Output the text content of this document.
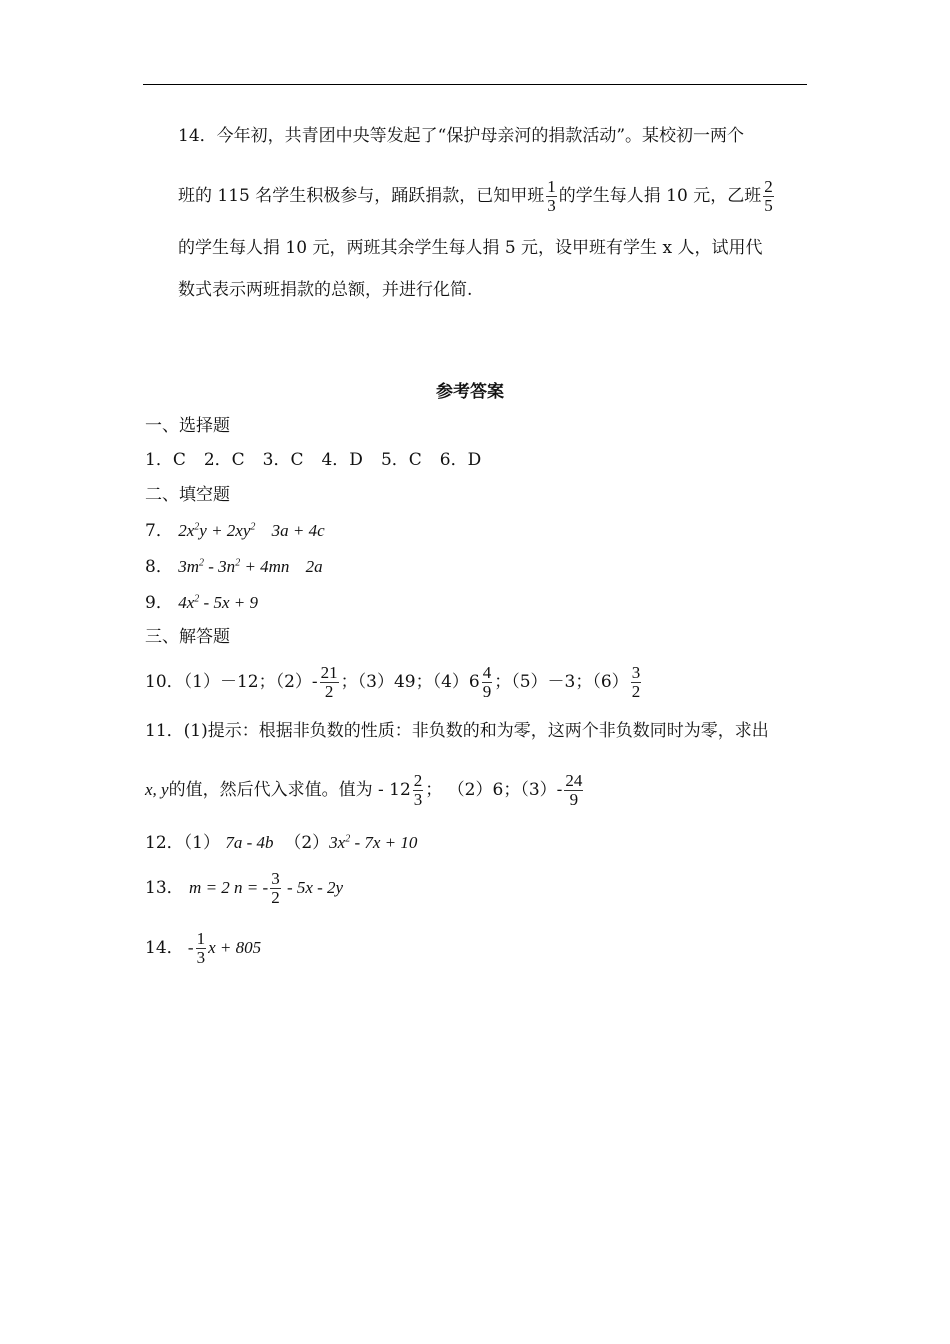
14．今年初，共青团中央等发起了“保护母亲河的捐款活动”。某校初一两个
班的 115 名学生积极参与，踊跃捐款，已知甲班 $\frac{1}{3}$ 的学生每人捐 10 元，乙班 $\frac{2}{5}$
的学生每人捐 10 元，两班其余学生每人捐 5 元，设甲班有学生 x 人，试用代
数式表示两班捐款的总额，并进行化简.
参考答案
一、选择题
1．C 2．C 3．C 4．D 5．C 6．D
二、填空题
7． $2x^2y + 2xy^2$ 3a + 4c
8． $3m^2 - 3n^2 + 4mn$ 2a
9． $4x^2 - 5x + 9$
三、解答题
10．（1）－12；$(2)- \frac{21}{2}$ ；（3）49；$(4)6 \frac{4}{9}$ ；（5）－3；$(6) \frac{3}{2}$
11．(1)提示：根据非负数的性质：非负数的和为零，这两个非负数同时为零，求出
x, y的值，然后代入求值。值为 - $12 \frac{2}{3}$ ； （2）6；$(3)- \frac{24}{9}$
12．（1） 7a - 4b $(2)3x^2 - 7x + 10$
13． m = 2 n = - $\frac{3}{2} - 5x - 2y$
14． - $\frac{1}{3}$ x + 805
